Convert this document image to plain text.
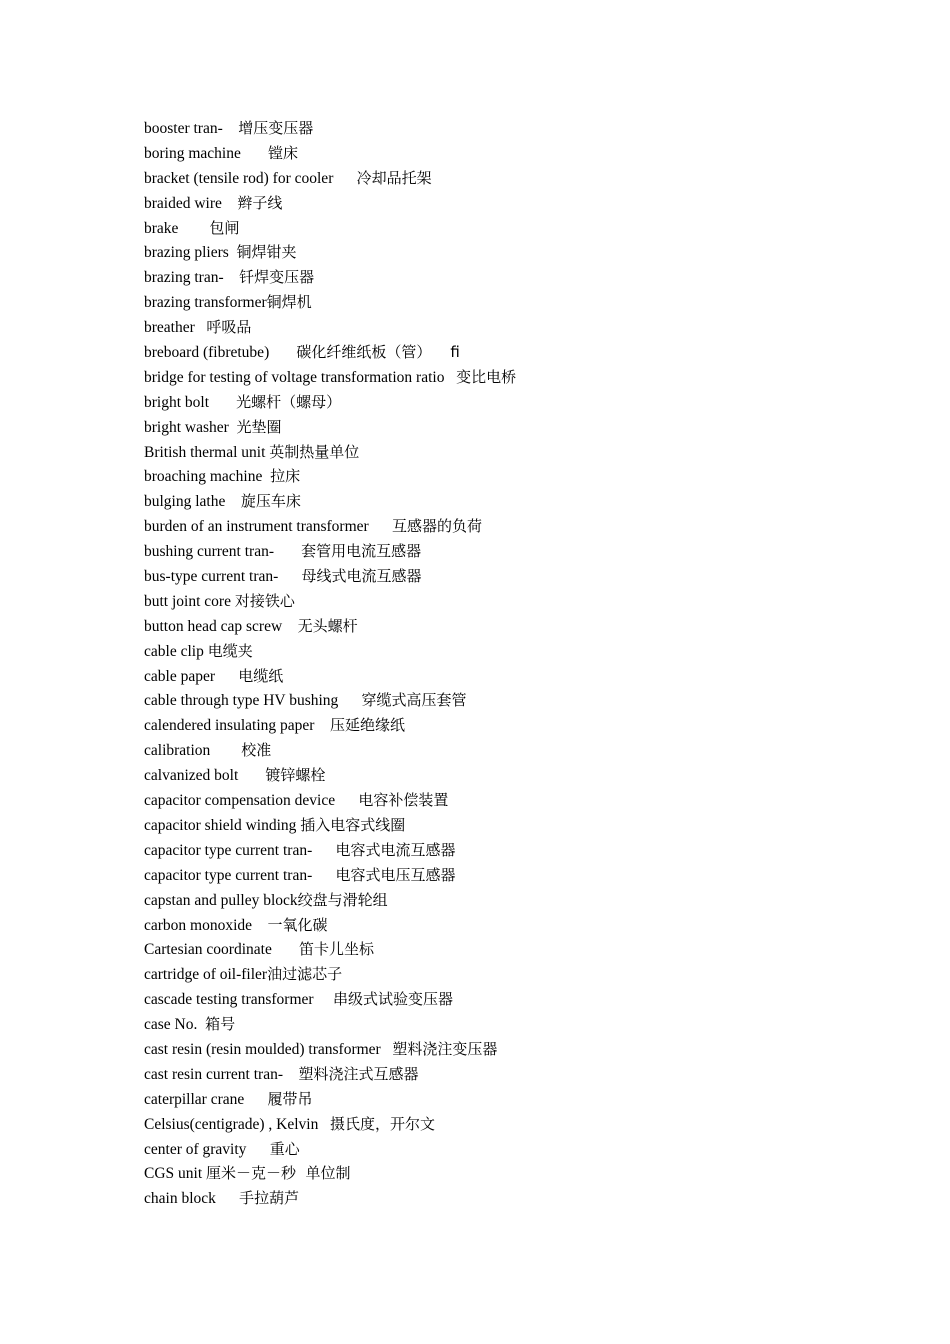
booster tran- 增压变压器
boring machine 镗床
bracket (tensile rod) for cooler 冷却品托架
braided wire 辫子线
brake 包闸
brazing pliers 铜焊钳夹
brazing tran- 钎焊变压器
brazing transformer铜焊机
breather 呼吸品
breboard (fibretube) 碳化纤维纸板（管）    fi
bridge for testing of voltage transformation ratio 变比电桥
bright bolt 光螺杆（螺母）
bright washer 光垫圈
British thermal unit 英制热量单位
broaching machine 拉床
bulging lathe 旋压车床
burden of an instrument transformer 互感器的负荷
bushing current tran- 套管用电流互感器
bus-type current tran- 母线式电流互感器
butt joint core 对接铁心
button head cap screw 无头螺杆
cable clip 电缆夹
cable paper 电缆纸
cable through type HV bushing 穿缆式高压套管
calendered insulating paper 压延绝缘纸
calibration 校准
calvanized bolt 镀锌螺栓
capacitor compensation device 电容补偿装置
capacitor shield winding 插入电容式线圈
capacitor type current tran- 电容式电流互感器
capacitor type current tran- 电容式电压互感器
capstan and pulley block绞盘与滑轮组
carbon monoxide 一氧化碳
Cartesian coordinate 笛卡儿坐标
cartridge of oil-filer油过滤芯子
cascade testing transformer 串级式试验变压器
case No. 箱号
cast resin (resin moulded) transformer 塑料浇注变压器
cast resin current tran- 塑料浇注式互感器
caterpillar crane 履带吊
Celsius(centigrade) , Kelvin 摄氏度，开尔文
center of gravity 重心
CGS unit 厘米－克－秒  单位制
chain block 手拉葫芦
